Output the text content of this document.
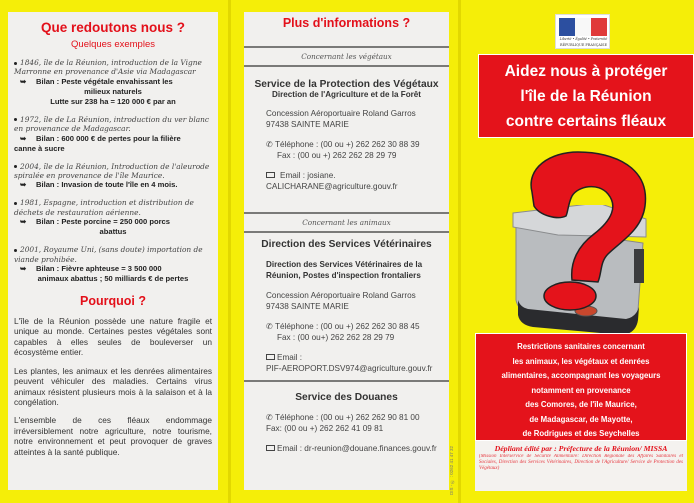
Que redoutons nous ?
Quelques exemples
1846, île de la Réunion, introduction de la Vigne Marronne en provenance d'Asie via Madagascar
➥ Bilan : Peste végétale envahissant les
milieux naturels
Lutte sur 238 ha = 120 000 € par an
1972, île de La Réunion, introduction du ver blanc en provenance de Madagascar.
➥ Bilan : 600 000 € de pertes pour la filière
canne à sucre
2004, île de la Réunion, Introduction de l'aleurode spiralée en provenance de l'île Maurice.
➥ Bilan : Invasion de toute l'île en 4 mois.
1981, Espagne, introduction et distribution de déchets de restauration aérienne.
➥ Bilan : Peste porcine = 250 000 porcs
abattus
2001, Royaume Uni, (sans doute) importation de viande prohibée.
➥ Bilan : Fièvre aphteuse = 3 500 000
animaux abattus ; 50 milliards € de pertes
Pourquoi ?
L'île de la Réunion possède une nature fragile et unique au monde. Certaines pestes végétales sont capables à elles seules de bouleverser un écosystème entier.
Les plantes, les animaux et les denrées alimentaires peuvent véhiculer des maladies. Certains virus animaux résistent plusieurs mois à la salaison et à la congélation.
L'ensemble de ces fléaux endommage irréversiblement notre agriculture, notre tourisme, notre environnement et peut provoquer de graves atteintes à la santé publique.
Plus d'informations ?
Concernant les végétaux
Service de la Protection des Végétaux
Direction de l'Agriculture et de la Forêt
Concession Aéroportuaire Roland Garros
97438 SAINTE MARIE
✆ Téléphone : (00 ou +) 262 262 30 88 39
Fax : (00 ou +) 262 262 28 29 79
Email : josiane.
CALICHARANE@agriculture.gouv.fr
Concernant les animaux
Direction des Services Vétérinaires
Direction des Services Vétérinaires de la Réunion, Postes d'inspection frontaliers
Concession Aéroportuaire Roland Garros
97438 SAINTE MARIE
✆ Téléphone : (00 ou +) 262 262 30 88 45
Fax : (00 ou+) 262 262 28 29 79
Email :
PIF-AEROPORT.DSV974@agriculture.gouv.fr
Service des Douanes
✆ Téléphone : (00 ou +) 262 262 90 81 00
Fax: (00 ou +) 262 262 41 09 81
Email : dr-reunion@douane.finances.gouv.fr	DIS - ✆ : 0262 41 47 32
Liberté • Égalité • Fraternité
RÉPUBLIQUE FRANÇAISE
Aidez nous à protéger
l'île de la Réunion
contre certains fléaux
Restrictions sanitaires concernant
les animaux, les végétaux et denrées
alimentaires, accompagnant les voyageurs
notamment en provenance
des Comores, de l'île Maurice,
de Madagascar, de Mayotte,
de Rodrigues et des Seychelles
Dépliant édité par : Préfecture de la Réunion/ MISSA
(Mission Interservice de Sécurité Alimentaire: Direction Régionale des Affaires Sanitaires et Sociales, Direction des Services Vétérinaires, Direction de l'Agriculture/ Service de Protection des Végétaux)
